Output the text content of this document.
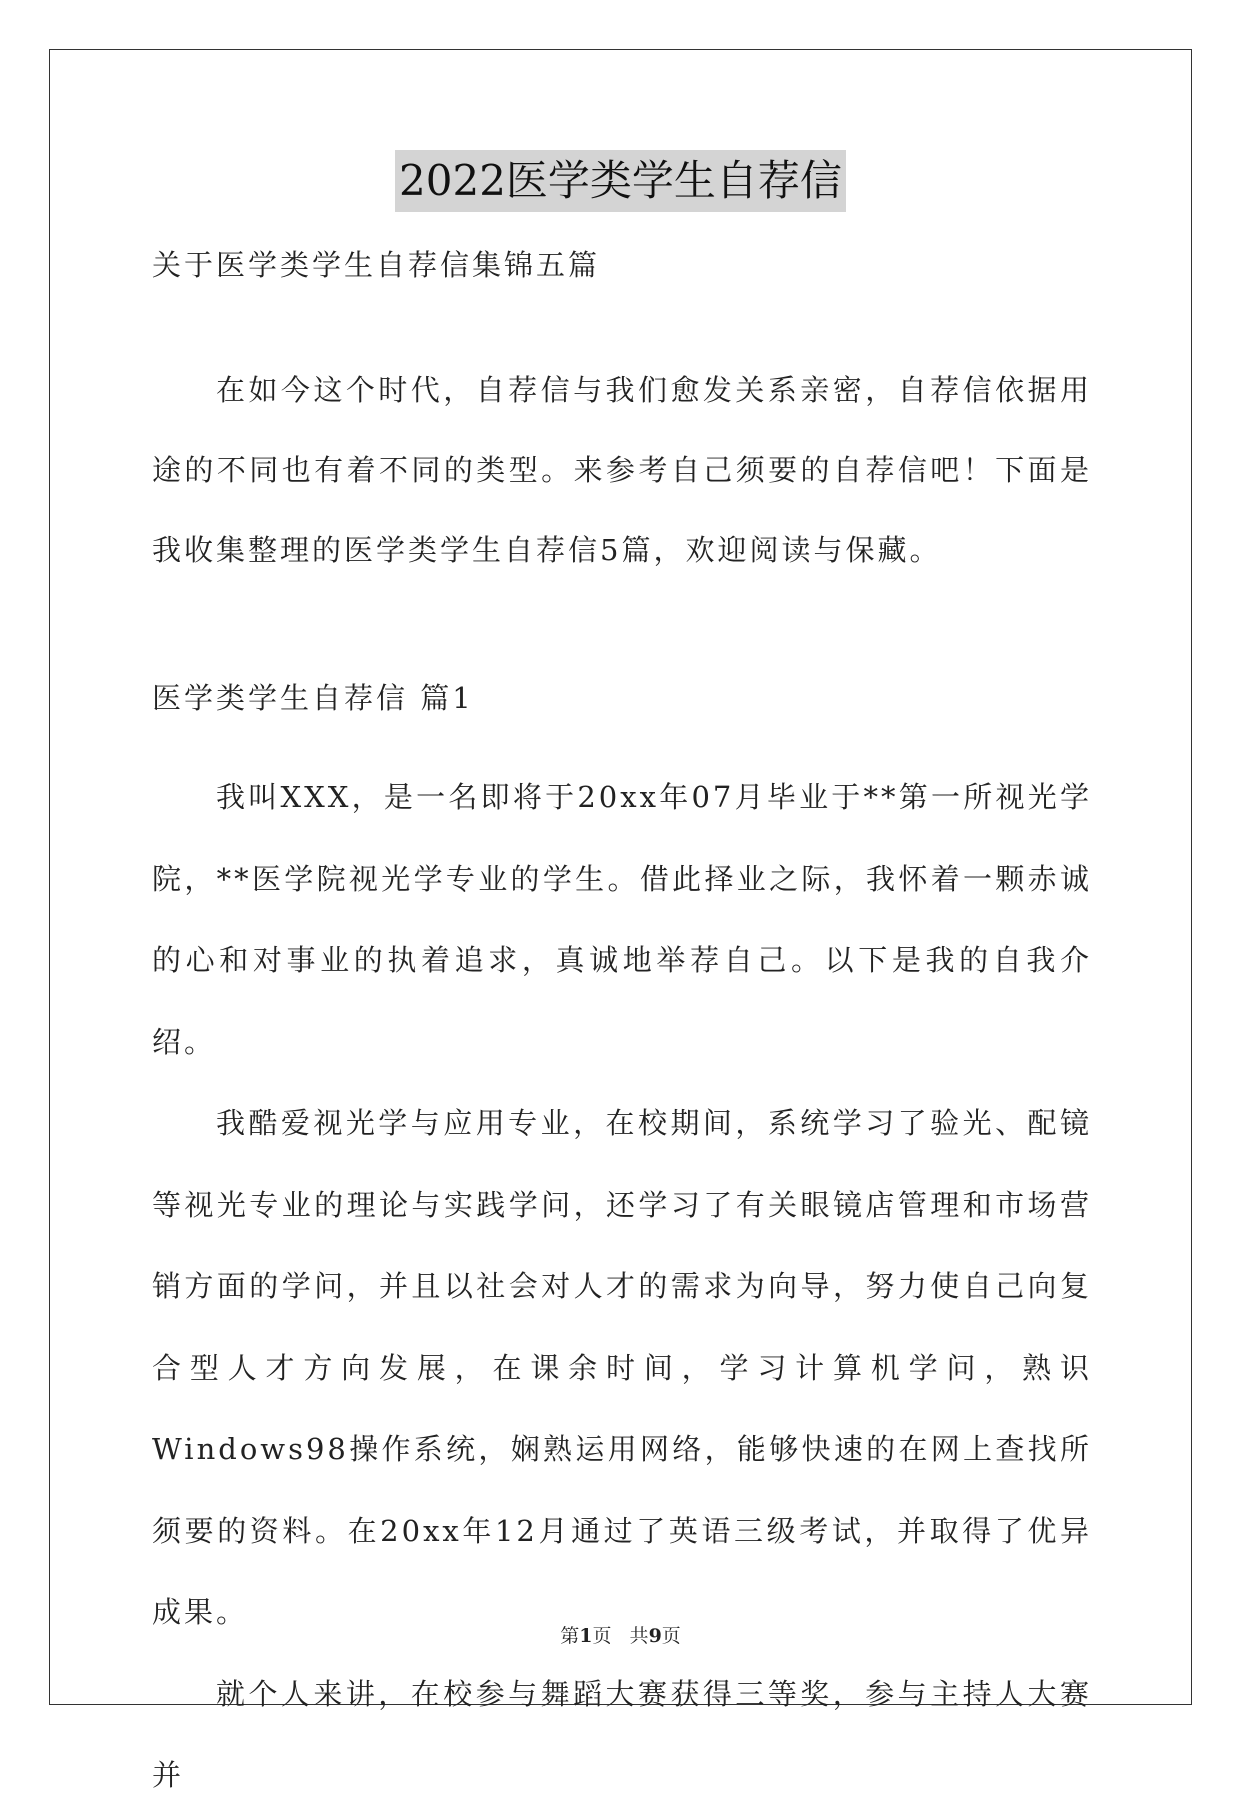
2022医学类学生自荐信
关于医学类学生自荐信集锦五篇

在如今这个时代，自荐信与我们愈发关系亲密，自荐信依据用途的不同也有着不同的类型。来参考自己须要的自荐信吧！下面是我收集整理的医学类学生自荐信5篇，欢迎阅读与保藏。

医学类学生自荐信 篇1

我叫XXX，是一名即将于20xx年07月毕业于**第一所视光学院，**医学院视光学专业的学生。借此择业之际，我怀着一颗赤诚的心和对事业的执着追求，真诚地举荐自己。以下是我的自我介绍。

我酷爱视光学与应用专业，在校期间，系统学习了验光、配镜等视光专业的理论与实践学问，还学习了有关眼镜店管理和市场营销方面的学问，并且以社会对人才的需求为向导，努力使自己向复合型人才方向发展，在课余时间，学习计算机学问，熟识Windows98操作系统，娴熟运用网络，能够快速的在网上查找所须要的资料。在20xx年12月通过了英语三级考试，并取得了优异成果。

就个人来讲，在校参与舞蹈大赛获得三等奖，参与主持人大赛并

第1页   共9页
